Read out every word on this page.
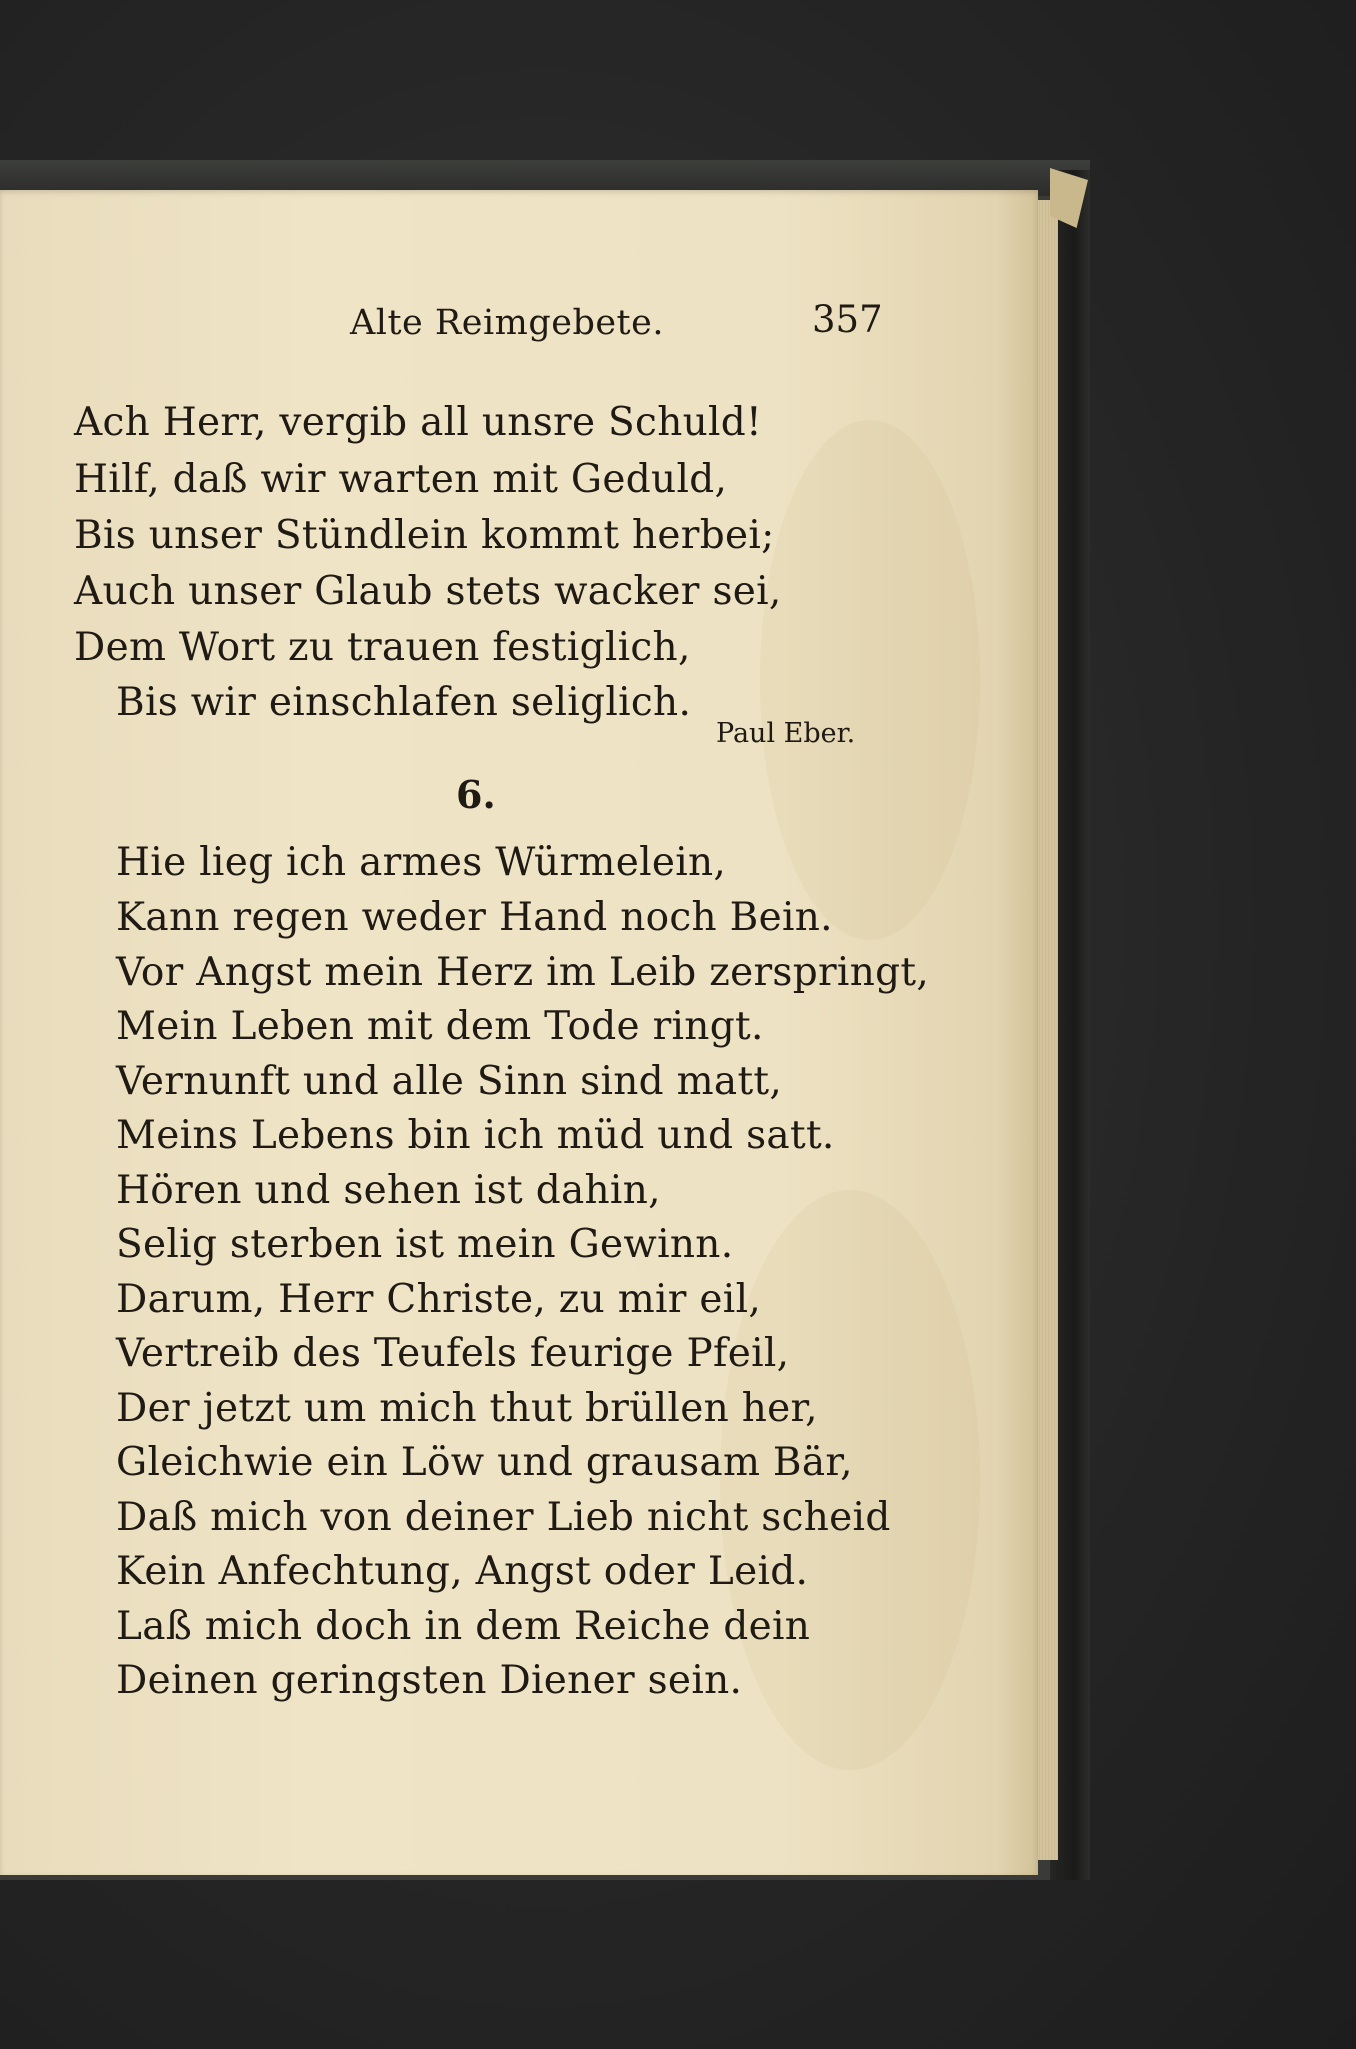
Alte Reimgebete.	357
Ach Herr, vergib all unsre Schuld!
Hilf, daß wir warten mit Geduld,
Bis unser Stündlein kommt herbei;
Auch unser Glaub stets wacker sei,
Dem Wort zu trauen festiglich,
Bis wir einschlafen seliglich.
Paul Eber.
6.
Hie lieg ich armes Würmelein,
Kann regen weder Hand noch Bein.
Vor Angst mein Herz im Leib zerspringt,
Mein Leben mit dem Tode ringt.
Vernunft und alle Sinn sind matt,
Meins Lebens bin ich müd und satt.
Hören und sehen ist dahin,
Selig sterben ist mein Gewinn.
Darum, Herr Christe, zu mir eil,
Vertreib des Teufels feurige Pfeil,
Der jetzt um mich thut brüllen her,
Gleichwie ein Löw und grausam Bär,
Daß mich von deiner Lieb nicht scheid
Kein Anfechtung, Angst oder Leid.
Laß mich doch in dem Reiche dein
Deinen geringsten Diener sein.
